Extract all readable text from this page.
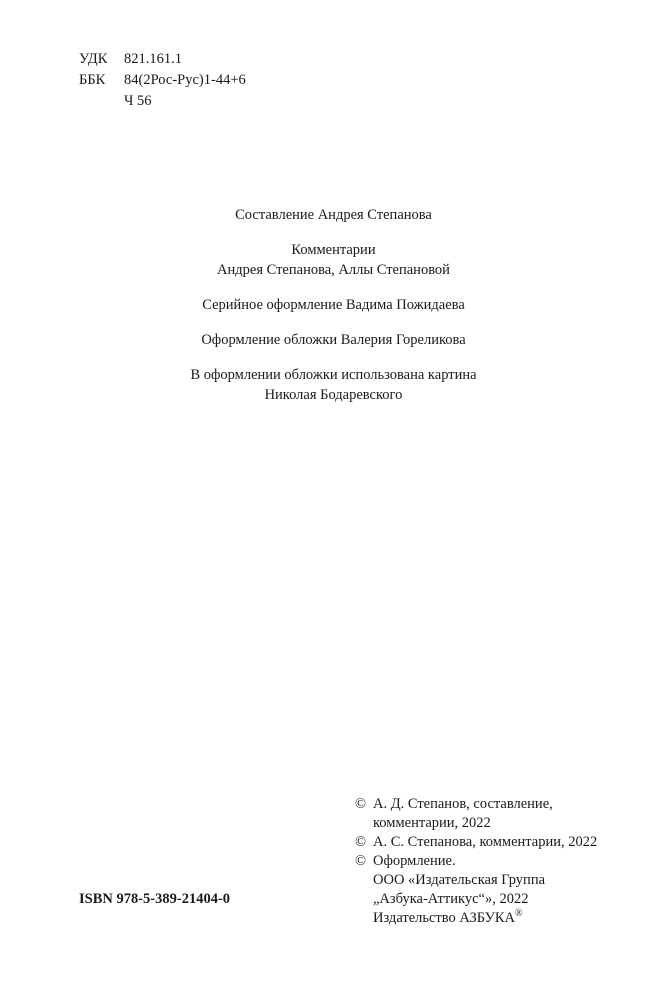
УДК	821.161.1
ББК	84(2Рос-Рус)1-44+6
Ч 56
Составление Андрея Степанова
Комментарии
Андрея Степанова, Аллы Степановой
Серийное оформление Вадима Пожидаева
Оформление обложки Валерия Гореликова
В оформлении обложки использована картина
Николая Бодаревского
© А. Д. Степанов, составление,
комментарии, 2022
© А. С. Степанова, комментарии, 2022
© Оформление.
ООО «Издательская Группа
„Азбука-Аттикус“», 2022
Издательство АЗБУКА®
ISBN 978-5-389-21404-0
